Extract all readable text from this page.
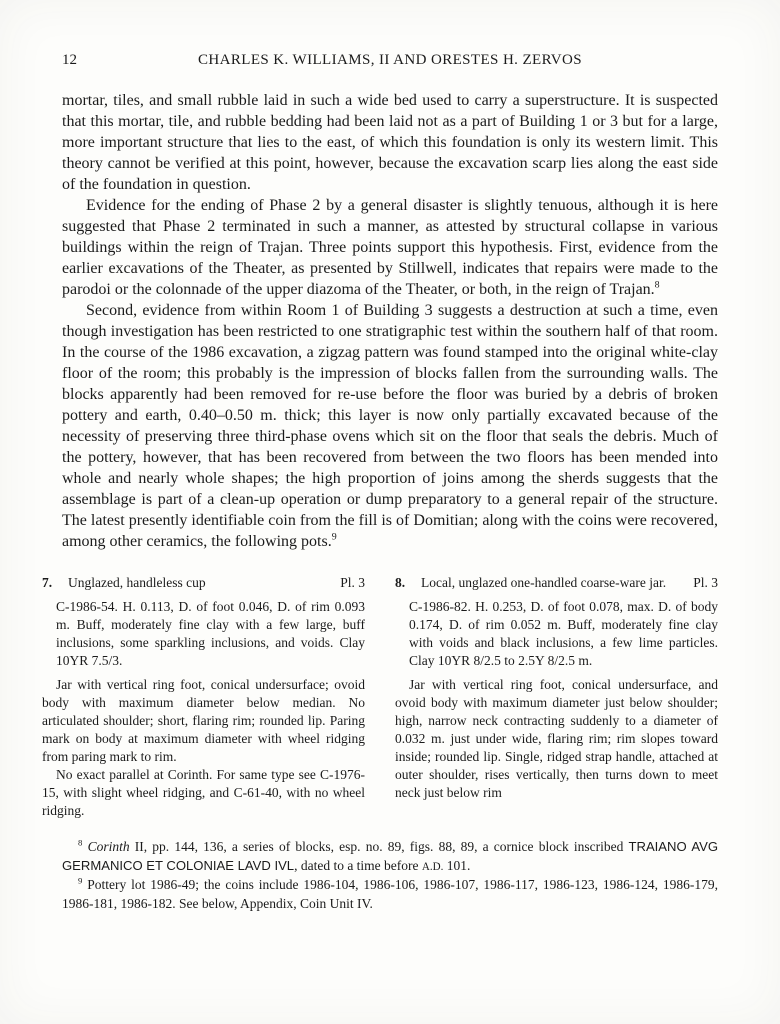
12	CHARLES K. WILLIAMS, II AND ORESTES H. ZERVOS

mortar, tiles, and small rubble laid in such a wide bed used to carry a superstructure. It is suspected that this mortar, tile, and rubble bedding had been laid not as a part of Building 1 or 3 but for a large, more important structure that lies to the east, of which this foundation is only its western limit. This theory cannot be verified at this point, however, because the excavation scarp lies along the east side of the foundation in question.

Evidence for the ending of Phase 2 by a general disaster is slightly tenuous, although it is here suggested that Phase 2 terminated in such a manner, as attested by structural collapse in various buildings within the reign of Trajan. Three points support this hypothesis. First, evidence from the earlier excavations of the Theater, as presented by Stillwell, indicates that repairs were made to the parodoi or the colonnade of the upper diazoma of the Theater, or both, in the reign of Trajan.$^8$

Second, evidence from within Room 1 of Building 3 suggests a destruction at such a time, even though investigation has been restricted to one stratigraphic test within the southern half of that room. In the course of the 1986 excavation, a zigzag pattern was found stamped into the original white-clay floor of the room; this probably is the impression of blocks fallen from the surrounding walls. The blocks apparently had been removed for re-use before the floor was buried by a debris of broken pottery and earth, 0.40–0.50 m. thick; this layer is now only partially excavated because of the necessity of preserving three third-phase ovens which sit on the floor that seals the debris. Much of the pottery, however, that has been recovered from between the two floors has been mended into whole and nearly whole shapes; the high proportion of joins among the sherds suggests that the assemblage is part of a clean-up operation or dump preparatory to a general repair of the structure. The latest presently identifiable coin from the fill is of Domitian; along with the coins were recovered, among other ceramics, the following pots.$^9$

7.	Unglazed, handleless cup	Pl. 3

C-1986-54. H. 0.113, D. of foot 0.046, D. of rim 0.093 m. Buff, moderately fine clay with a few large, buff inclusions, some sparkling inclusions, and voids. Clay 10YR 7.5/3.

Jar with vertical ring foot, conical undersurface; ovoid body with maximum diameter below median. No articulated shoulder; short, flaring rim; rounded lip. Paring mark on body at maximum diameter with wheel ridging from paring mark to rim.

No exact parallel at Corinth. For same type see C-1976-15, with slight wheel ridging, and C-61-40, with no wheel ridging.

8.	Local, unglazed one-handled coarse-ware jar.	Pl. 3

C-1986-82. H. 0.253, D. of foot 0.078, max. D. of body 0.174, D. of rim 0.052 m. Buff, moderately fine clay with voids and black inclusions, a few lime particles. Clay 10YR 8/2.5 to 2.5Y 8/2.5 m.

Jar with vertical ring foot, conical undersurface, and ovoid body with maximum diameter just below shoulder; high, narrow neck contracting suddenly to a diameter of 0.032 m. just under wide, flaring rim; rim slopes toward inside; rounded lip. Single, ridged strap handle, attached at outer shoulder, rises vertically, then turns down to meet neck just below rim

$^8$ Corinth II, pp. 144, 136, a series of blocks, esp. no. 89, figs. 88, 89, a cornice block inscribed TRAIANO AVG GERMANICO ET COLONIAE LAVD IVL, dated to a time before A.D. 101.

$^9$ Pottery lot 1986-49; the coins include 1986-104, 1986-106, 1986-107, 1986-117, 1986-123, 1986-124, 1986-179, 1986-181, 1986-182. See below, Appendix, Coin Unit IV.
